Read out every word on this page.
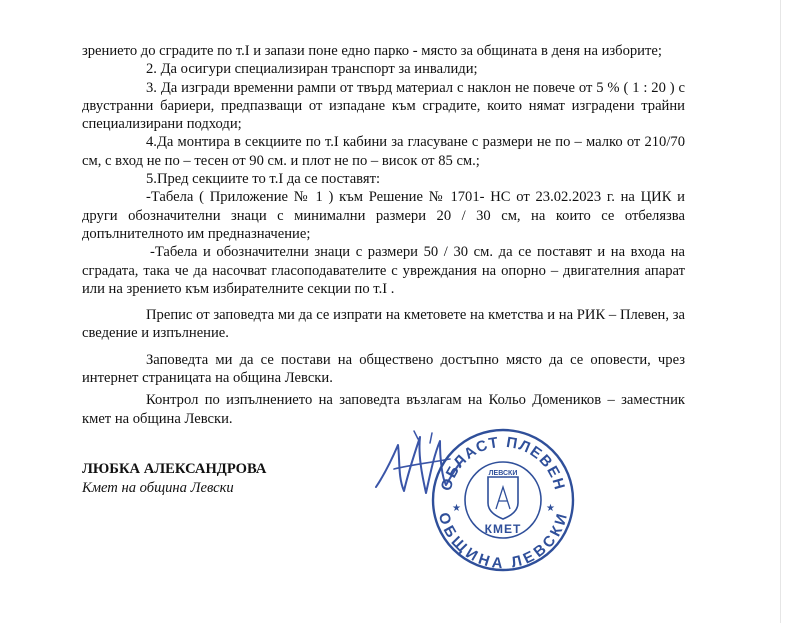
зрението до сградите по т.I и запази поне едно парко - място за общината в деня на изборите;

2. Да осигури специализиран транспорт за инвалиди;

3. Да изгради временни рампи от твърд материал с наклон не повече от 5 % ( 1 : 20 ) с двустранни бариери, предпазващи от изпадане към сградите, които нямат изградени трайни специализирани подходи;

4.Да монтира в секциите по т.I кабини за гласуване с размери не по – малко от 210/70 см, с вход не по – тесен от 90 см. и плот не по – висок от 85 см.;

5.Пред секциите то т.I да се поставят:

-Табела ( Приложение № 1 ) към Решение № 1701- НС от 23.02.2023 г. на ЦИК и други обозначителни знаци с минимални размери 20 / 30 см, на които се отбелязва допълнителното им предназначение;

-Табела и обозначителни знаци с размери 50 / 30 см. да се поставят и на входа на сградата, така че да насочват гласоподавателите с увреждания на опорно – двигателния апарат или на зрението към избирателните секции по т.I .

Препис от заповедта ми да се изпрати на кметовете на кметства и на РИК – Плевен, за сведение и изпълнение.

Заповедта ми да се постави на обществено достъпно място да се оповести, чрез интернет страницата на община Левски.

Контрол по изпълнението на заповедта възлагам на Кольо Домеников – заместник кмет на община Левски.

ЛЮБКА АЛЕКСАНДРОВА

Кмет на община Левски	ОБЛАСТ ПЛЕВЕН
ОБЩИНА ЛЕВСКИ
★	★
ЛЕВСКИ
КМЕТ
